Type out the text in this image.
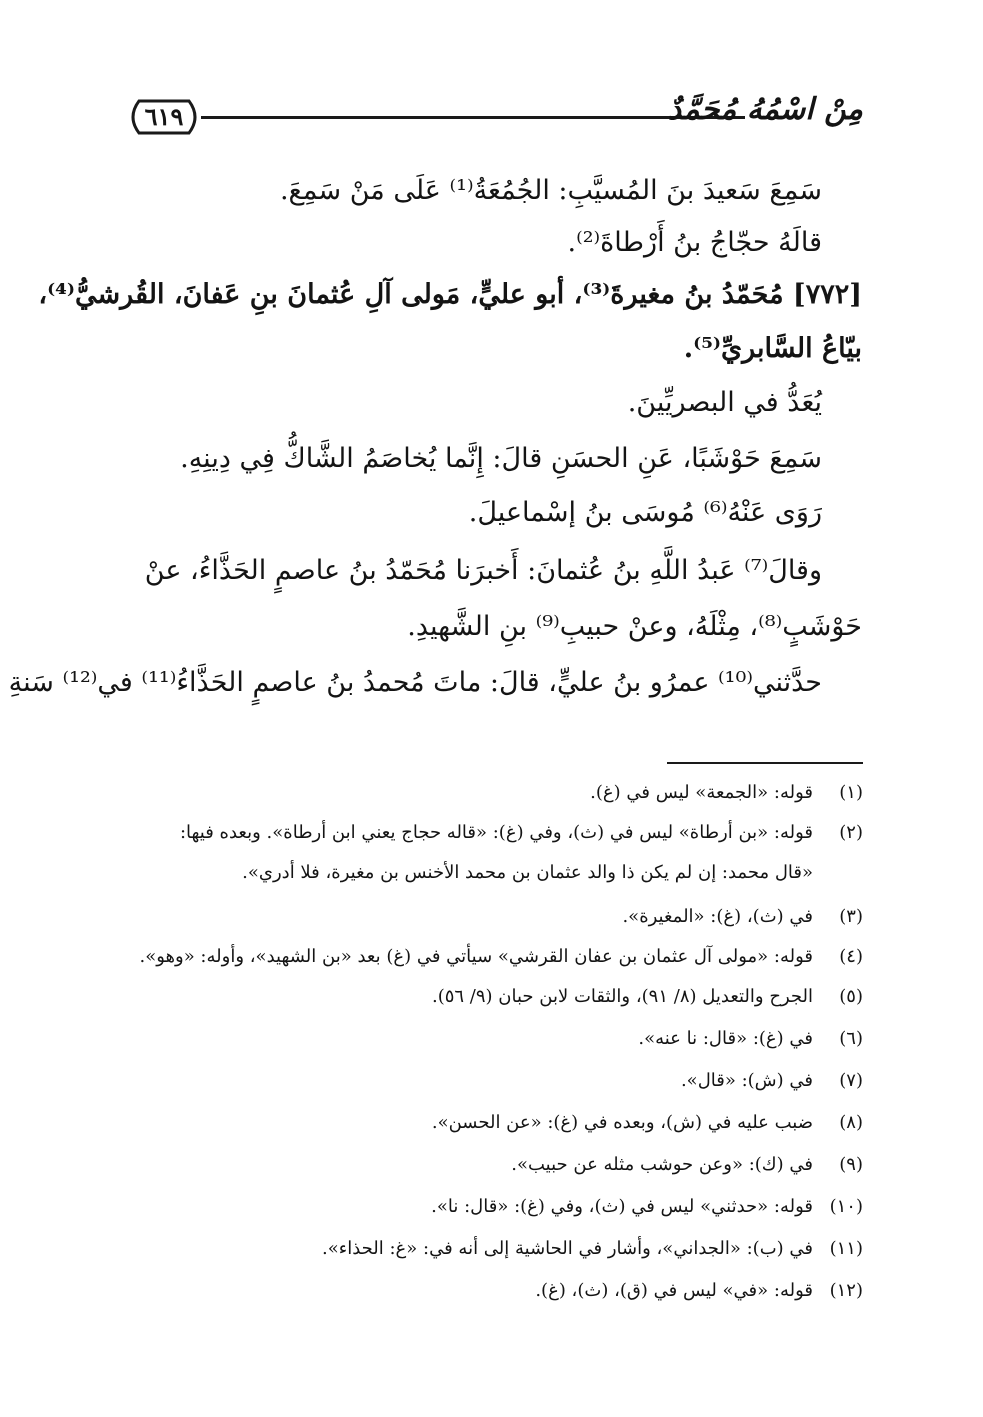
٦١٩	مِنْ اسْمُهُ مُحَمَّدٌ
سَمِعَ سَعيدَ بنَ المُسيَّبِ: الجُمُعَةُ⁽¹⁾ عَلَى مَنْ سَمِعَ.
قالَهُ حجّاجُ بنُ أَرْطاةَ⁽²⁾.
[٧٧٢] مُحَمّدُ بنُ مغيرةَ⁽³⁾، أبو عليٍّ، مَولى آلِ عُثمانَ بنِ عَفانَ، القُرشيُّ⁽⁴⁾،
بيّاعُ السَّابريِّ⁽⁵⁾.
يُعَدُّ في البصريِّينَ.
سَمِعَ حَوْشَبًا، عَنِ الحسَنِ قالَ: إِنَّما يُخاصَمُ الشَّاكُّ فِي دِينِهِ.
رَوَى عَنْهُ⁽⁶⁾ مُوسَى بنُ إسْماعيلَ.
وقالَ⁽⁷⁾ عَبدُ اللَّهِ بنُ عُثمانَ: أَخبرَنا مُحَمّدُ بنُ عاصمٍ الحَذَّاءُ، عنْ
حَوْشَبٍ⁽⁸⁾، مِثْلَهُ، وعنْ حبيبِ⁽⁹⁾ بنِ الشَّهيدِ.
حدَّثني⁽¹⁰⁾ عمرُو بنُ عليٍّ، قالَ: ماتَ مُحمدُ بنُ عاصمٍ الحَذَّاءُ⁽¹¹⁾ في⁽¹²⁾ سَنةِ
(١)
قوله: «الجمعة» ليس في (غ).
(٢)
قوله: «بن أرطاة» ليس في (ث)، وفي (غ): «قاله حجاج يعني ابن أرطاة». وبعده فيها:
«قال محمد: إن لم يكن ذا والد عثمان بن محمد الأخنس بن مغيرة، فلا أدري».
(٣)
في (ث)، (غ): «المغيرة».
(٤)
قوله: «مولى آل عثمان بن عفان القرشي» سيأتي في (غ) بعد «بن الشهيد»، وأوله: «وهو».
(٥)
الجرح والتعديل (٨/ ٩١)، والثقات لابن حبان (٩/ ٥٦).
(٦)
في (غ): «قال: نا عنه».
(٧)
في (ش): «قال».
(٨)
ضبب عليه في (ش)، وبعده في (غ): «عن الحسن».
(٩)
في (ك): «وعن حوشب مثله عن حبيب».
(١٠)
قوله: «حدثني» ليس في (ث)، وفي (غ): «قال: نا».
(١١)
في (ب): «الجداني»، وأشار في الحاشية إلى أنه في: «غ: الحذاء».
(١٢)
قوله: «في» ليس في (ق)، (ث)، (غ).
